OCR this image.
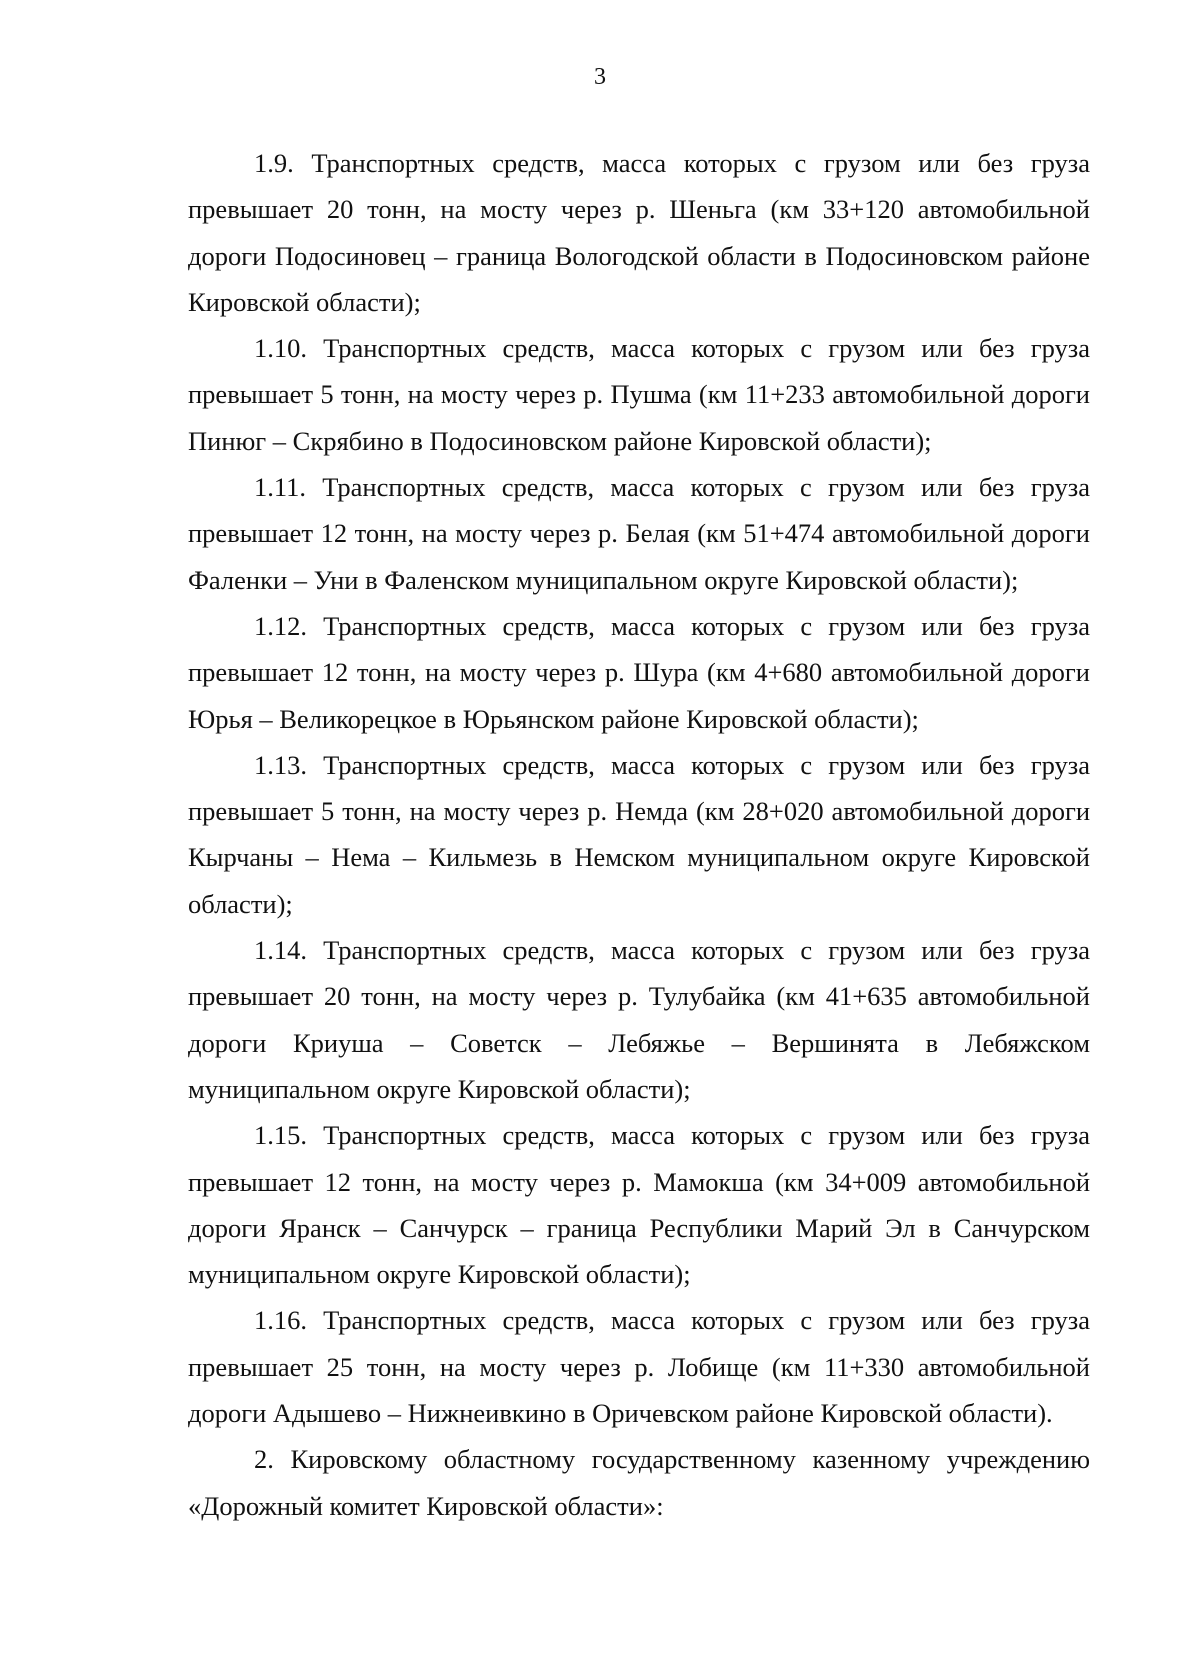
3

1.9. Транспортных средств, масса которых с грузом или без груза превышает 20 тонн, на мосту через р. Шеньга (км 33+120 автомобильной дороги Подосиновец – граница Вологодской области в Подосиновском районе Кировской области);

1.10. Транспортных средств, масса которых с грузом или без груза превышает 5 тонн, на мосту через р. Пушма (км 11+233 автомобильной дороги Пинюг – Скрябино в Подосиновском районе Кировской области);

1.11. Транспортных средств, масса которых с грузом или без груза превышает 12 тонн, на мосту через р. Белая (км 51+474 автомобильной дороги Фаленки – Уни в Фаленском муниципальном округе Кировской области);

1.12. Транспортных средств, масса которых с грузом или без груза превышает 12 тонн, на мосту через р. Шура (км 4+680 автомобильной дороги Юрья – Великорецкое в Юрьянском районе Кировской области);

1.13. Транспортных средств, масса которых с грузом или без груза превышает 5 тонн, на мосту через р. Немда (км 28+020 автомобильной дороги Кырчаны – Нема – Кильмезь в Немском муниципальном округе Кировской области);

1.14. Транспортных средств, масса которых с грузом или без груза превышает 20 тонн, на мосту через р. Тулубайка (км 41+635 автомобильной дороги Криуша – Советск – Лебяжье – Вершинята в Лебяжском муниципальном округе Кировской области);

1.15. Транспортных средств, масса которых с грузом или без груза превышает 12 тонн, на мосту через р. Мамокша (км 34+009 автомобильной дороги Яранск – Санчурск – граница Республики Марий Эл в Санчурском муниципальном округе Кировской области);

1.16. Транспортных средств, масса которых с грузом или без груза превышает 25 тонн, на мосту через р. Лобище (км 11+330 автомобильной дороги Адышево – Нижнеивкино в Оричевском районе Кировской области).

2. Кировскому областному государственному казенному учреждению «Дорожный комитет Кировской области»:
